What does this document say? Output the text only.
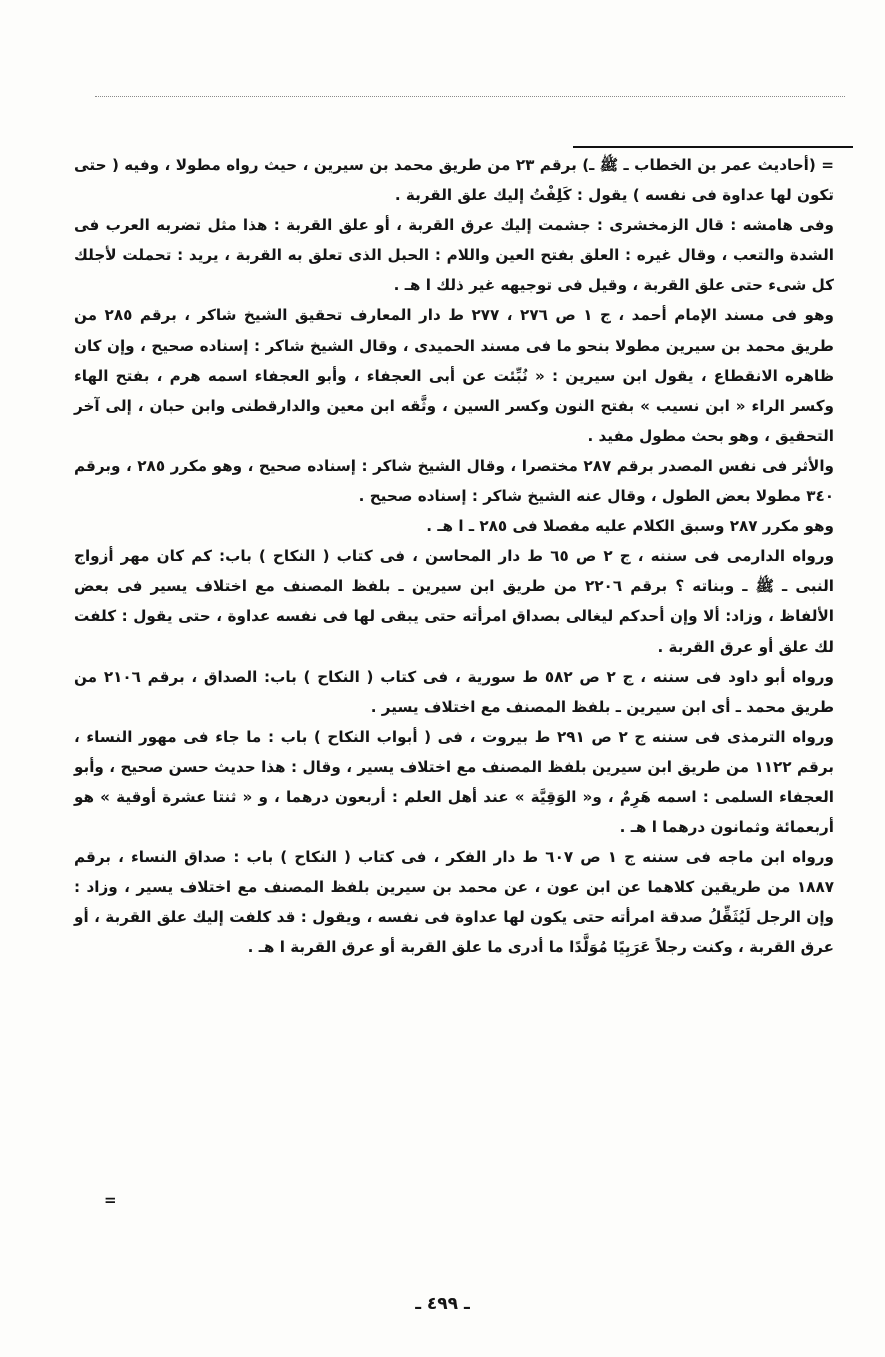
= (أحاديث عمر بن الخطاب ـ ﷺ ـ) برقم ٢٣ من طريق محمد بن سيرين ، حيث رواه مطولا ، وفيه ( حتى تكون لها عداوة فى نفسه ) يقول : كَلِفْتُ إليك علق القربة .

وفى هامشه : قال الزمخشرى : جشمت إليك عرق القربة ، أو علق القربة : هذا مثل تضربه العرب فى الشدة والتعب ، وقال غيره : العلق بفتح العين واللام : الحبل الذى تعلق به القربة ، يريد : تحملت لأجلك كل شىء حتى علق القربة ، وقيل فى توجيهه غير ذلك ا هـ .

وهو فى مسند الإمام أحمد ، ج ١ ص ٢٧٦ ، ٢٧٧ ط دار المعارف تحقيق الشيخ شاكر ، برقم ٢٨٥ من طريق محمد بن سيرين مطولا بنحو ما فى مسند الحميدى ، وقال الشيخ شاكر : إسناده صحيح ، وإن كان ظاهره الانقطاع ، يقول ابن سيرين : « نُبِّئت عن أبى العجفاء ، وأبو العجفاء اسمه هرم ، بفتح الهاء وكسر الراء « ابن نسيب » بفتح النون وكسر السين ، وثَّقه ابن معين والدارقطنى وابن حبان ، إلى آخر التحقيق ، وهو بحث مطول مفيد .

والأثر فى نفس المصدر برقم ٢٨٧ مختصرا ، وقال الشيخ شاكر : إسناده صحيح ، وهو مكرر ٢٨٥ ، وبرقم ٣٤٠ مطولا بعض الطول ، وقال عنه الشيخ شاكر : إسناده صحيح .

وهو مكرر ٢٨٧ وسبق الكلام عليه مفصلا فى ٢٨٥ ـ ا هـ .

ورواه الدارمى فى سننه ، ج ٢ ص ٦٥ ط دار المحاسن ، فى كتاب ( النكاح ) باب: كم كان مهر أزواج النبى ـ ﷺ ـ وبناته ؟ برقم ٢٢٠٦ من طريق ابن سيرين ـ بلفظ المصنف مع اختلاف يسير فى بعض الألفاظ ، وزاد: ألا وإن أحدكم ليغالى بصداق امرأته حتى يبقى لها فى نفسه عداوة ، حتى يقول : كلفت لك علق أو عرق القربة .

ورواه أبو داود فى سننه ، ج ٢ ص ٥٨٢ ط سورية ، فى كتاب ( النكاح ) باب: الصداق ، برقم ٢١٠٦ من طريق محمد ـ أى ابن سيرين ـ بلفظ المصنف مع اختلاف يسير .

ورواه الترمذى فى سننه ج ٢ ص ٢٩١ ط بيروت ، فى ( أبواب النكاح ) باب : ما جاء فى مهور النساء ، برقم ١١٢٢ من طريق ابن سيرين بلفظ المصنف مع اختلاف يسير ، وقال : هذا حديث حسن صحيح ، وأبو العجفاء السلمى : اسمه هَرِمٌ ، و« الوَقِيَّة » عند أهل العلم : أربعون درهما ، و « ثنتا عشرة أوقية » هو أربعمائة وثمانون درهما ا هـ .

ورواه ابن ماجه فى سننه ج ١ ص ٦٠٧ ط دار الفكر ، فى كتاب ( النكاح ) باب : صداق النساء ، برقم ١٨٨٧ من طريقين كلاهما عن ابن عون ، عن محمد بن سيرين بلفظ المصنف مع اختلاف يسير ، وزاد : وإن الرجل لَيُثَقِّلُ صدقة امرأته حتى يكون لها عداوة فى نفسه ، ويقول : قد كلفت إليك علق القربة ، أو عرق القربة ، وكنت رجلاً عَرَبِيًا مُوَلَّدًا ما أدرى ما علق القربة أو عرق القربة ا هـ .

=
ـ ٤٩٩ ـ
